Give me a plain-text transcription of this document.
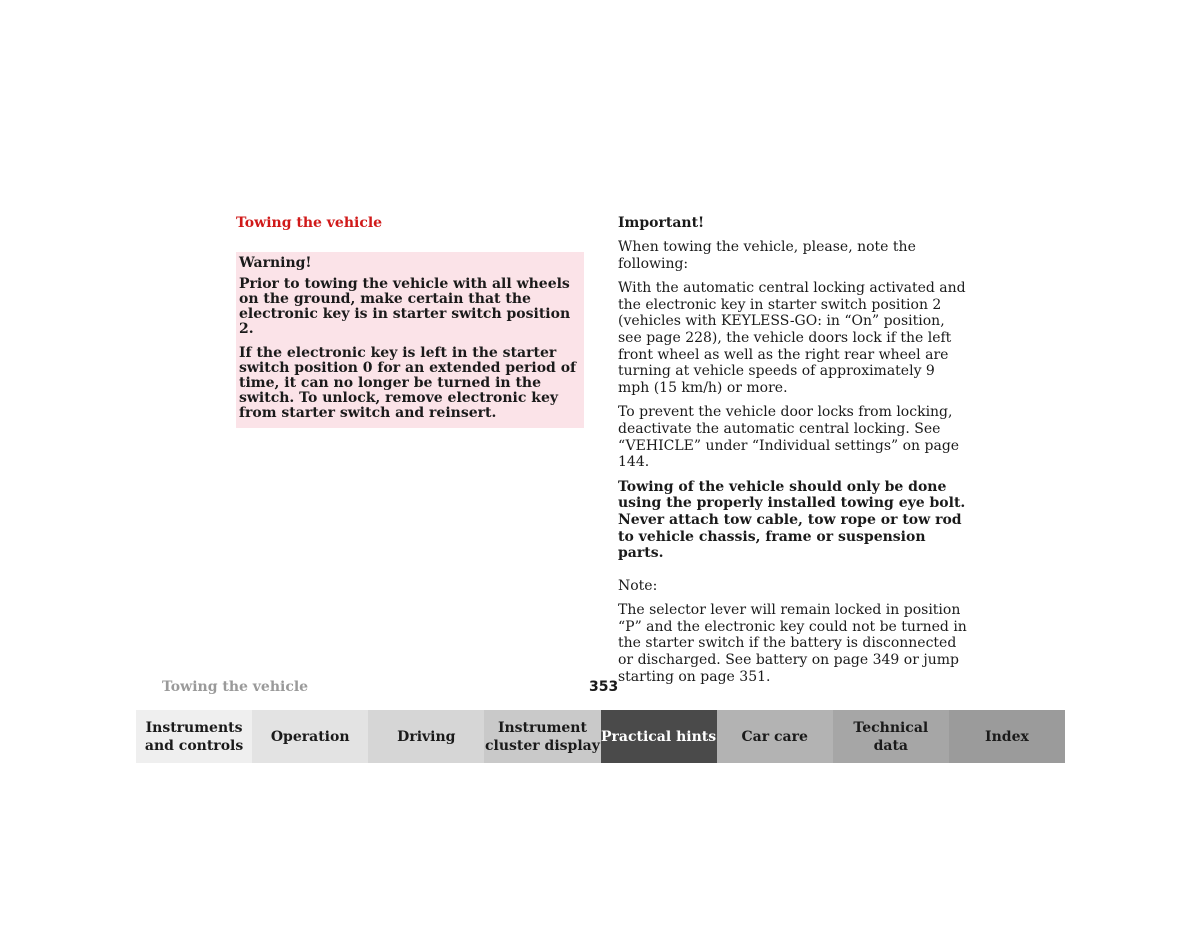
Towing the vehicle

Warning!

Prior to towing the vehicle with all wheels on the ground, make certain that the electronic key is in starter switch position 2.

If the electronic key is left in the starter switch position 0 for an extended period of time, it can no longer be turned in the switch. To unlock, remove electronic key from starter switch and reinsert.

Important!

When towing the vehicle, please, note the following:

With the automatic central locking activated and the electronic key in starter switch position 2 (vehicles with KEYLESS-GO: in “On” position, see page 228), the vehicle doors lock if the left front wheel as well as the right rear wheel are turning at vehicle speeds of approximately 9 mph (15 km/h) or more.

To prevent the vehicle door locks from locking, deactivate the automatic central locking. See “VEHICLE” under “Individual settings” on page 144.

Towing of the vehicle should only be done using the properly installed towing eye bolt. Never attach tow cable, tow rope or tow rod to vehicle chassis, frame or suspension parts.

Note:

The selector lever will remain locked in position “P” and the electronic key could not be turned in the starter switch if the battery is disconnected or discharged. See battery on page 349 or jump starting on page 351.

Towing the vehicle	353
Instruments
and controls
Operation	Driving
Instrument
cluster display
Practical hints	Car care
Technical
data
Index
